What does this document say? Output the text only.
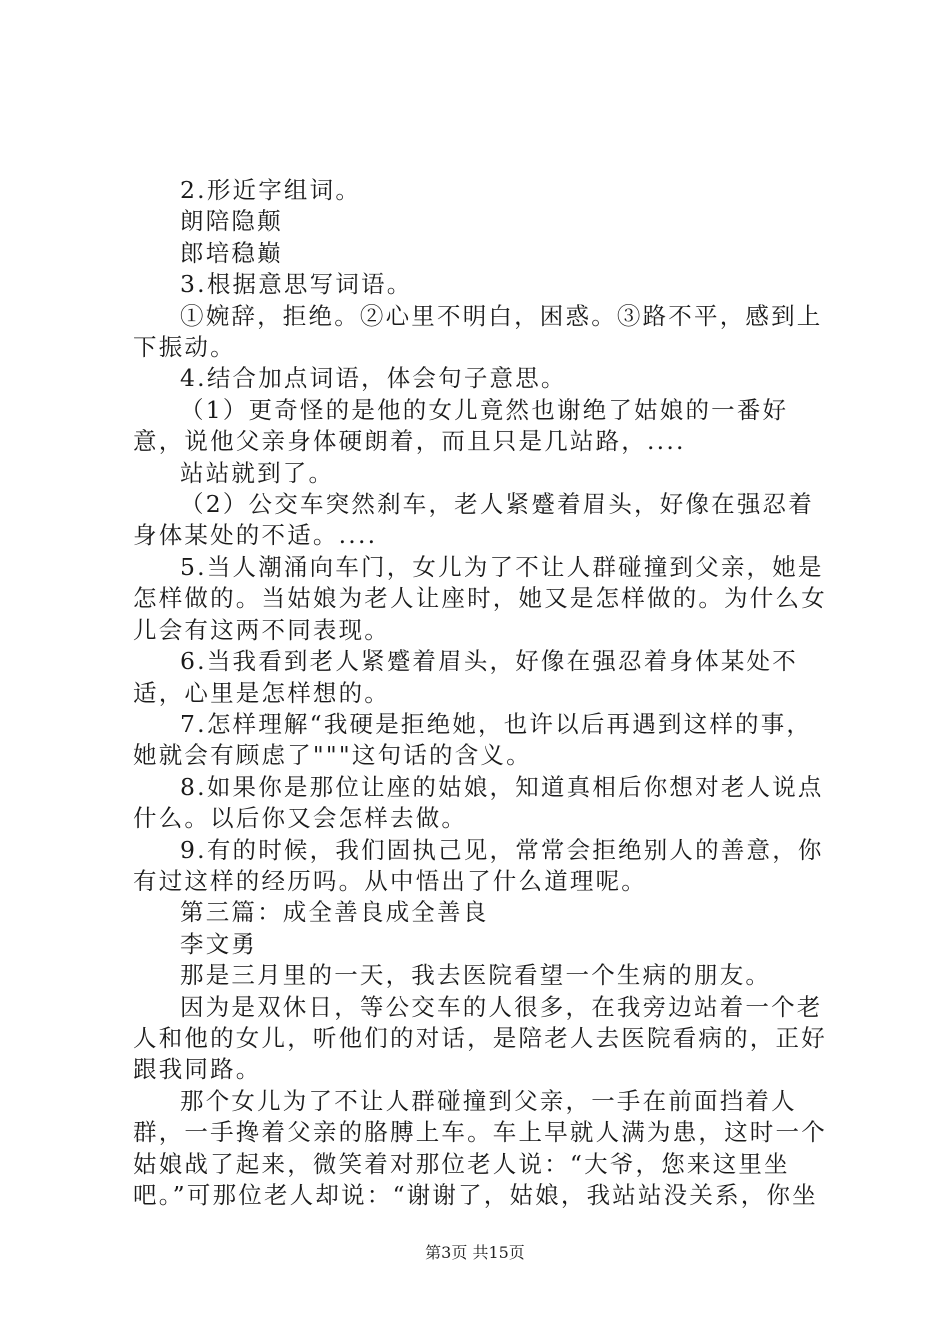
2.形近字组词。

朗陪隐颠

郎培稳巅

3.根据意思写词语。

①婉辞，拒绝。②心里不明白，困惑。③路不平，感到上下振动。

4.结合加点词语，体会句子意思。

（1）更奇怪的是他的女儿竟然也谢绝了姑娘的一番好意，说他父亲身体硬朗着，而且只是几站路，....

站站就到了。

（2）公交车突然刹车，老人紧蹙着眉头，好像在强忍着身体某处的不适。....

5.当人潮涌向车门，女儿为了不让人群碰撞到父亲，她是怎样做的。当姑娘为老人让座时，她又是怎样做的。为什么女儿会有这两不同表现。

6.当我看到老人紧蹙着眉头，好像在强忍着身体某处不适，心里是怎样想的。

7.怎样理解“我硬是拒绝她，也许以后再遇到这样的事，她就会有顾虑了"""这句话的含义。

8.如果你是那位让座的姑娘，知道真相后你想对老人说点什么。以后你又会怎样去做。

9.有的时候，我们固执己见，常常会拒绝别人的善意，你有过这样的经历吗。从中悟出了什么道理呢。

第三篇：成全善良成全善良

李文勇

那是三月里的一天，我去医院看望一个生病的朋友。

因为是双休日，等公交车的人很多，在我旁边站着一个老人和他的女儿，听他们的对话，是陪老人去医院看病的，正好跟我同路。

那个女儿为了不让人群碰撞到父亲，一手在前面挡着人群，一手搀着父亲的胳膊上车。车上早就人满为患，这时一个姑娘战了起来，微笑着对那位老人说：“大爷，您来这里坐吧。”可那位老人却说：“谢谢了，姑娘，我站站没关系，你坐

第3页 共15页
